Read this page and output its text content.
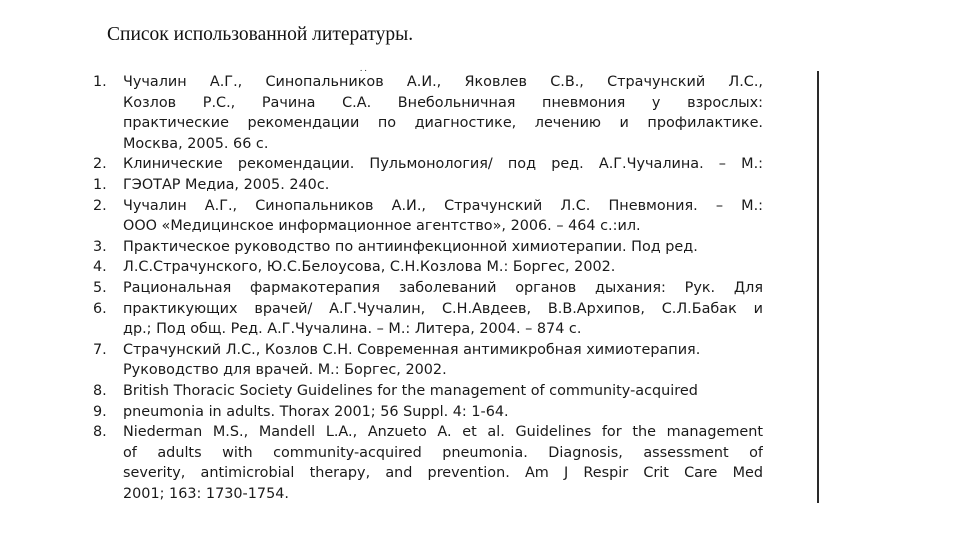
Список использованной литературы.
. .
1.	Чучалин А.Г., Синопальников А.И., Яковлев С.В., Страчунский Л.С.,
Козлов Р.С., Рачина С.А. Внебольничная пневмония у взрослых:
практические рекомендации по диагностике, лечению и профилактике.
Москва, 2005. 66 с.
2.	Клинические рекомендации. Пульмонология/ под ред. А.Г.Чучалина. – М.:
1.	ГЭОТАР Медиа, 2005. 240с.
2.	Чучалин А.Г., Синопальников А.И., Страчунский Л.С. Пневмония. – М.:
ООО «Медицинское информационное агентство», 2006. – 464 с.:ил.
3.	Практическое руководство по антиинфекционной химиотерапии. Под ред.
4.	Л.С.Страчунского, Ю.С.Белоусова, С.Н.Козлова М.: Боргес, 2002.
5.	Рациональная фармакотерапия заболеваний органов дыхания: Рук. Для
6.	практикующих врачей/ А.Г.Чучалин, С.Н.Авдеев, В.В.Архипов, С.Л.Бабак и
др.; Под общ. Ред. А.Г.Чучалина. – М.: Литера, 2004. – 874 с.
7.	Страчунский Л.С., Козлов С.Н. Современная антимикробная химиотерапия.
Руководство для врачей. М.: Боргес, 2002.
8.	British Thoracic Society Guidelines for the management of community-acquired
9.	pneumonia in adults. Thorax 2001; 56 Suppl. 4: 1-64.
8.	Niederman M.S., Mandell L.A., Anzueto A. et al. Guidelines for the management
of adults with community-acquired pneumonia. Diagnosis, assessment of
severity, antimicrobial therapy, and prevention. Am J Respir Crit Care Med
2001; 163: 1730-1754.
